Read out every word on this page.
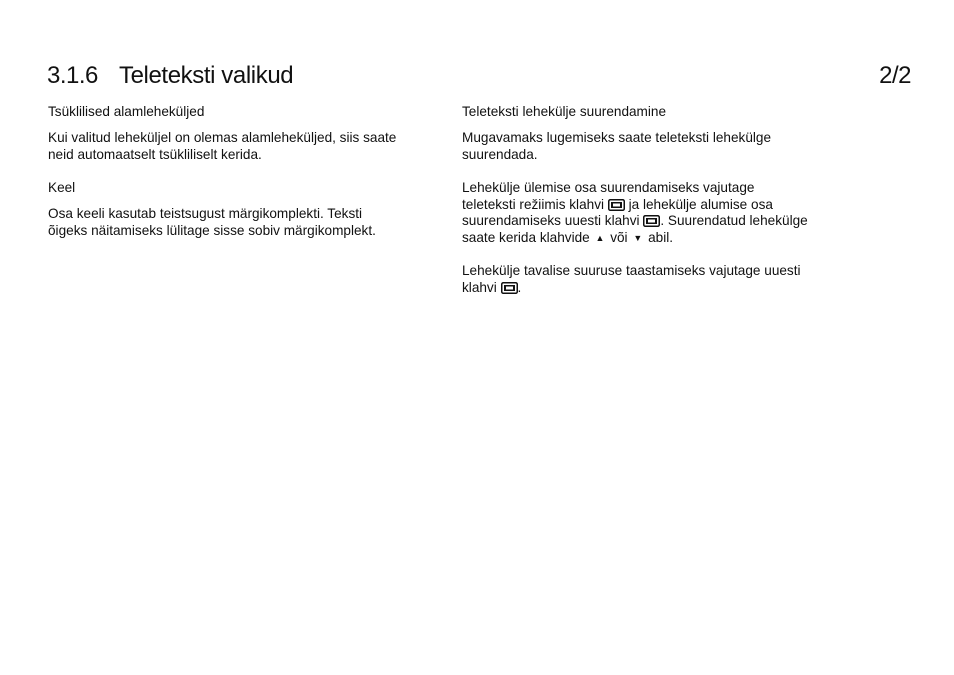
3.1.6 Teleteksti valikud	2/2
Tsüklilised alamleheküljed
Kui valitud leheküljel on olemas alamleheküljed, siis saate
neid automaatselt tsükliliselt kerida.
Keel
Osa keeli kasutab teistsugust märgikomplekti. Teksti
õigeks näitamiseks lülitage sisse sobiv märgikomplekt.
Teleteksti lehekülje suurendamine
Mugavamaks lugemiseks saate teleteksti lehekülge
suurendada.
Lehekülje ülemise osa suurendamiseks vajutage
teleteksti režiimis klahvi ja lehekülje alumise osa
suurendamiseks uuesti klahvi . Suurendatud lehekülge
saate kerida klahvide ▲ või ▼ abil.
Lehekülje tavalise suuruse taastamiseks vajutage uuesti
klahvi .
